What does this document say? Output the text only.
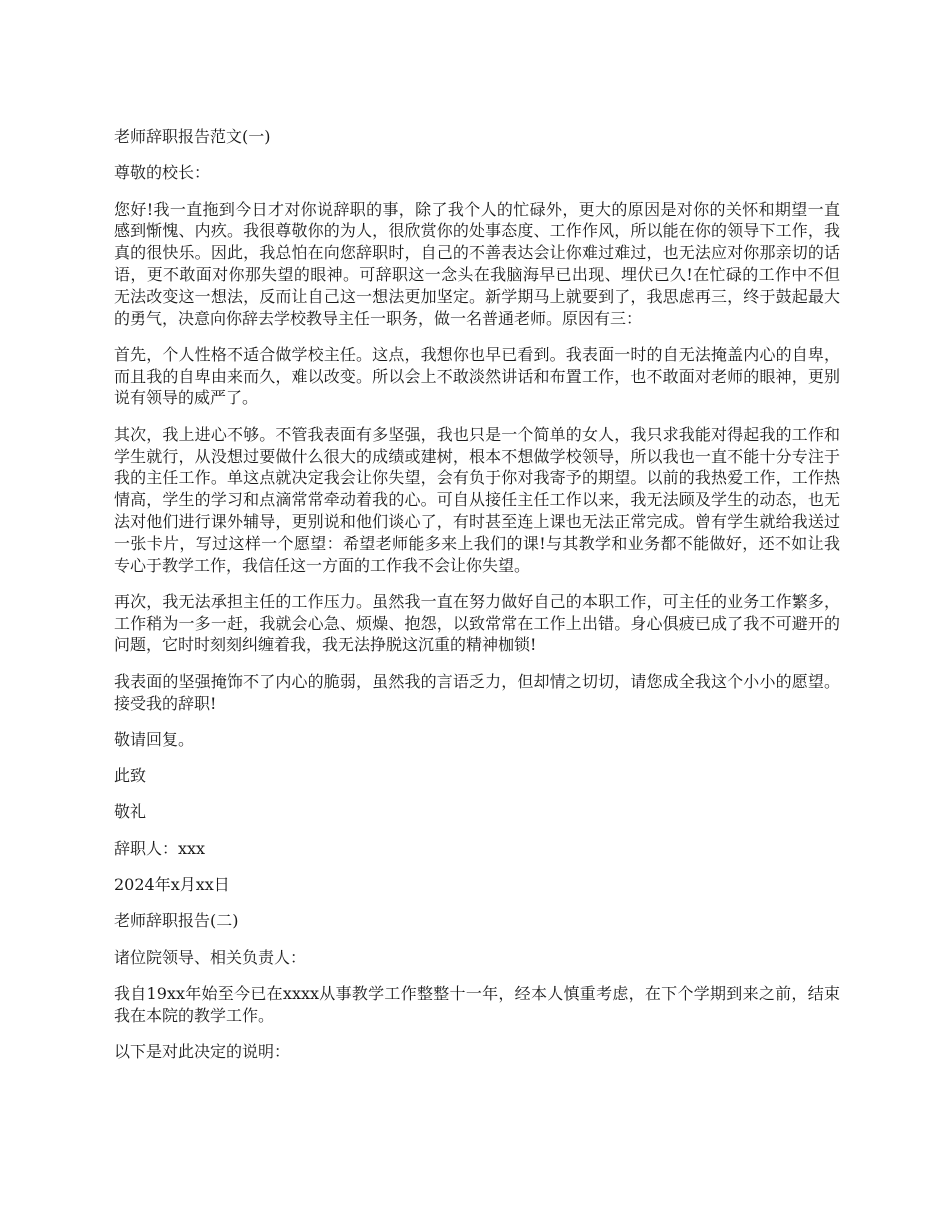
老师辞职报告范文(一)

尊敬的校长：

您好!我一直拖到今日才对你说辞职的事，除了我个人的忙碌外，更大的原因是对你的关怀和期望一直感到惭愧、内疚。我很尊敬你的为人，很欣赏你的处事态度、工作作风，所以能在你的领导下工作，我真的很快乐。因此，我总怕在向您辞职时，自己的不善表达会让你难过难过，也无法应对你那亲切的话语，更不敢面对你那失望的眼神。可辞职这一念头在我脑海早已出现、埋伏已久!在忙碌的工作中不但无法改变这一想法，反而让自己这一想法更加坚定。新学期马上就要到了，我思虑再三，终于鼓起最大的勇气，决意向你辞去学校教导主任一职务，做一名普通老师。原因有三：

首先，个人性格不适合做学校主任。这点，我想你也早已看到。我表面一时的自无法掩盖内心的自卑，而且我的自卑由来而久，难以改变。所以会上不敢淡然讲话和布置工作，也不敢面对老师的眼神，更别说有领导的威严了。

其次，我上进心不够。不管我表面有多坚强，我也只是一个简单的女人，我只求我能对得起我的工作和学生就行，从没想过要做什么很大的成绩或建树，根本不想做学校领导，所以我也一直不能十分专注于我的主任工作。单这点就决定我会让你失望，会有负于你对我寄予的期望。以前的我热爱工作，工作热情高，学生的学习和点滴常常牵动着我的心。可自从接任主任工作以来，我无法顾及学生的动态，也无法对他们进行课外辅导，更别说和他们谈心了，有时甚至连上课也无法正常完成。曾有学生就给我送过一张卡片，写过这样一个愿望：希望老师能多来上我们的课!与其教学和业务都不能做好，还不如让我专心于教学工作，我信任这一方面的工作我不会让你失望。

再次，我无法承担主任的工作压力。虽然我一直在努力做好自己的本职工作，可主任的业务工作繁多，工作稍为一多一赶，我就会心急、烦燥、抱怨，以致常常在工作上出错。身心俱疲已成了我不可避开的问题，它时时刻刻纠缠着我，我无法挣脱这沉重的精神枷锁!

我表面的坚强掩饰不了内心的脆弱，虽然我的言语乏力，但却情之切切，请您成全我这个小小的愿望。接受我的辞职!

敬请回复。

此致

敬礼

辞职人：xxx

2024年x月xx日

老师辞职报告(二)

诸位院领导、相关负责人：

我自19xx年始至今已在xxxx从事教学工作整整十一年，经本人慎重考虑，在下个学期到来之前，结束我在本院的教学工作。

以下是对此决定的说明：
